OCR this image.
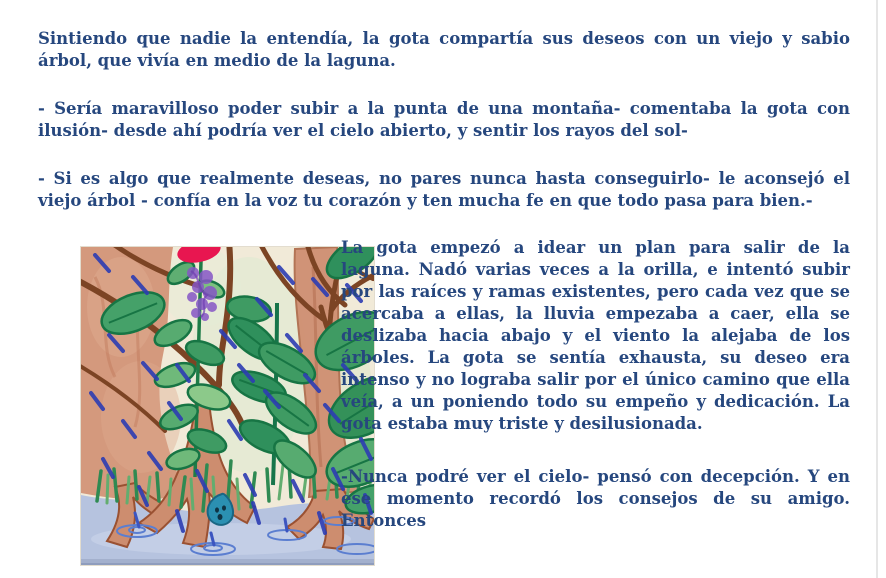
Sintiendo que nadie la entendía, la gota compartía sus deseos con un viejo y sabio árbol, que vivía en medio de la laguna.

- Sería maravilloso poder subir a la punta de una montaña- comentaba la gota con ilusión- desde ahí podría ver el cielo abierto, y sentir los rayos del sol-

- Si es algo que realmente deseas, no pares nunca hasta conseguirlo- le aconsejó el viejo árbol - confía en la voz tu corazón y ten mucha fe en que todo pasa para bien.-

La gota empezó a idear un plan para salir de la laguna. Nadó varias veces a la orilla, e intentó subir por las raíces y ramas existentes, pero cada vez que se acercaba a ellas, la lluvia empezaba a caer, ella se deslizaba hacia abajo y el viento la alejaba de los árboles. La gota se sentía exhausta, su deseo era intenso y no lograba salir por el único camino que ella veía, a un poniendo todo su empeño y dedicación. La gota estaba muy triste y desilusionada.

-Nunca podré ver el cielo- pensó con decepción. Y en ese momento recordó los consejos de su amigo. Entonces
